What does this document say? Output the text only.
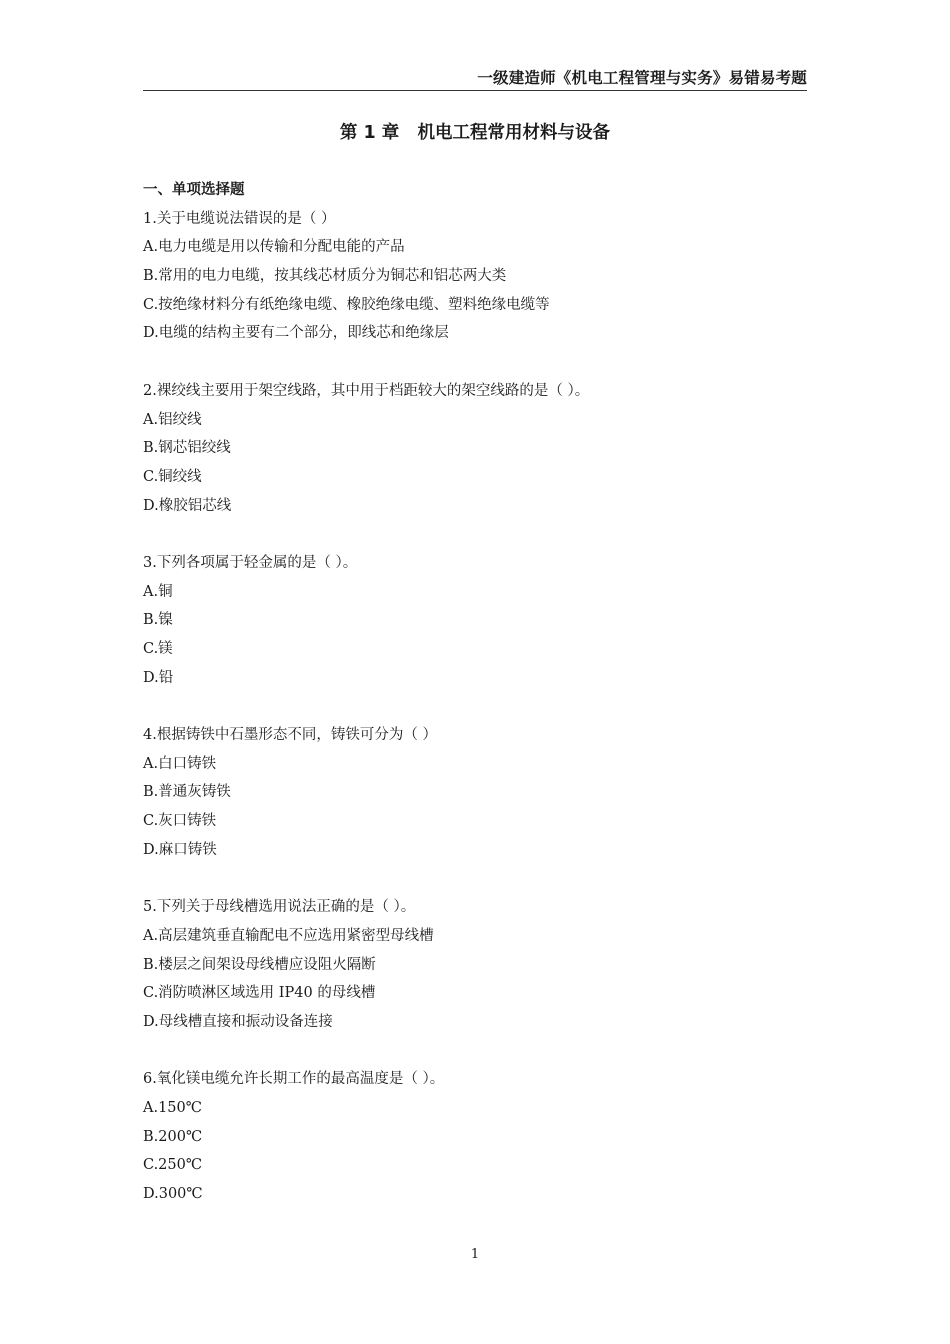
一级建造师《机电工程管理与实务》易错易考题
第 1 章   机电工程常用材料与设备
一、单项选择题
1.关于电缆说法错误的是（ ）
A.电力电缆是用以传输和分配电能的产品
B.常用的电力电缆，按其线芯材质分为铜芯和铝芯两大类
C.按绝缘材料分有纸绝缘电缆、橡胶绝缘电缆、塑料绝缘电缆等
D.电缆的结构主要有二个部分，即线芯和绝缘层
2.裸绞线主要用于架空线路，其中用于档距较大的架空线路的是（ ）。
A.铝绞线
B.钢芯铝绞线
C.铜绞线
D.橡胶铝芯线
3.下列各项属于轻金属的是（ ）。
A.铜
B.镍
C.镁
D.铅
4.根据铸铁中石墨形态不同，铸铁可分为（ ）
A.白口铸铁
B.普通灰铸铁
C.灰口铸铁
D.麻口铸铁
5.下列关于母线槽选用说法正确的是（ ）。
A.高层建筑垂直输配电不应选用紧密型母线槽
B.楼层之间架设母线槽应设阻火隔断
C.消防喷淋区域选用 IP40 的母线槽
D.母线槽直接和振动设备连接
6.氧化镁电缆允许长期工作的最高温度是（ ）。
A.150℃
B.200℃
C.250℃
D.300℃
1
